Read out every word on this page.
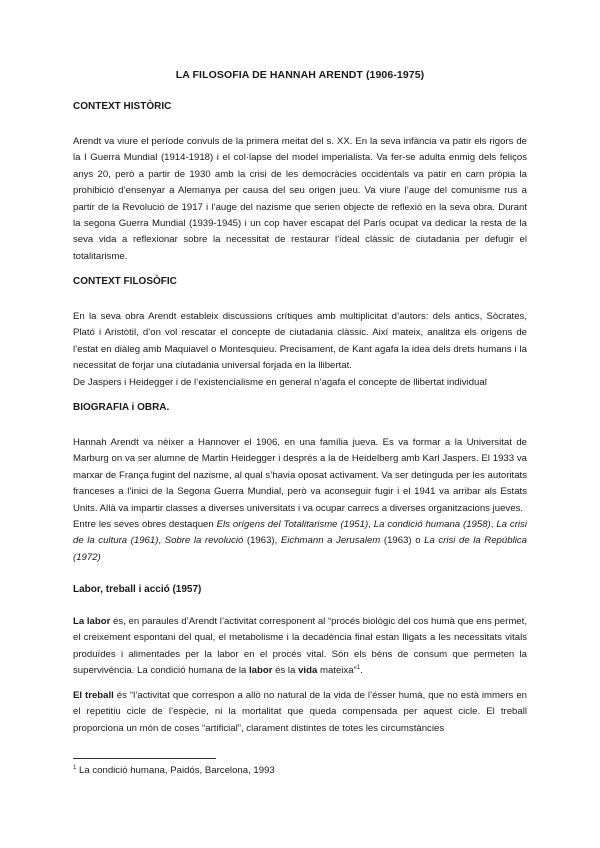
LA FILOSOFIA DE HANNAH ARENDT (1906-1975)
CONTEXT HISTÒRIC

Arendt va viure el període convuls de la primera meitat del s. XX. En la seva infància va patir els rigors de la I Guerra Mundial (1914-1918) i el col·lapse del model imperialista. Va fer-se adulta enmig dels feliços anys 20, però a partir de 1930 amb la crisi de les democràcies occidentals va patir en carn pròpia la prohibició d’ensenyar a Alemanya per causa del seu origen jueu. Va viure l’auge del comunisme rus a partir de la Revolució de 1917 i l’auge del nazisme que serien objecte de reflexió en la seva obra. Durant la segona Guerra Mundial (1939-1945) i un cop haver escapat del París ocupat va dedicar la resta de la seva vida a reflexionar sobre la necessitat de restaurar l’ideal clàssic de ciutadania per defugir el totalitarisme.

CONTEXT FILOSÒFIC

En la seva obra Arendt estableix discussions crítiques amb multiplicitat d’autors: dels antics, Sòcrates, Plató i Aristòtil, d’on vol rescatar el concepte de ciutadania clàssic. Així mateix, analitza els origens de l’estat en diàleg amb Maquiavel o Montesquieu. Precisament, de Kant agafa la idea dels drets humans i la necessitat de forjar una ciutadania universal forjada en la llibertat.

De Jaspers i Heidegger i de l’existencialisme en general n’agafa el concepte de llibertat individual

BIOGRAFIA i OBRA.

Hannah Arendt va nèixer a Hannover el 1906, en una família jueva. Es va formar a la Universitat de Marburg on va ser alumne de Martin Heidegger i després a la de Heidelberg amb Karl Jaspers. El 1933 va marxar de França fugint del nazisme, al qual s’havia oposat activament. Va ser detinguda per les autoritats franceses a l’inici de la Segona Guerra Mundial, però va aconseguir fugir i el 1941 va arribar als Estats Units. Allà va impartir classes a diverses universitats i va ocupar carrecs a diverses organitzacions jueves.

Entre les seves obres destaquen Els orígens del Totalitarisme (1951), La condició humana (1958), La crisi de la cultura (1961), Sobre la revolució (1963), Eichmann a Jerusalem (1963) o La crisi de la República (1972)

Labor, treball i acció (1957)

La labor és, en paraules d’Arendt l’activitat corresponent al “procés biològic del cos humà que ens permet, el creixement espontani del qual, el metabolisme i la decadència final estan lligats a les necessitats vitals produïdes i alimentades per la labor en el procés vital. Són els béns de consum que permeten la supervivència. La condició humana de la labor és la vida mateixa”$^1$.

El treball és “l’activitat que correspon a allò no natural de la vida de l’ésser humà, que no està immers en el repetitiu cicle de l’espècie, ni la mortalitat que queda compensada per aquest cicle. El treball proporciona un món de coses “artificial”, clarament distintes de totes les circumstàncies

$^1$ La condició humana, Paidós, Barcelona, 1993
